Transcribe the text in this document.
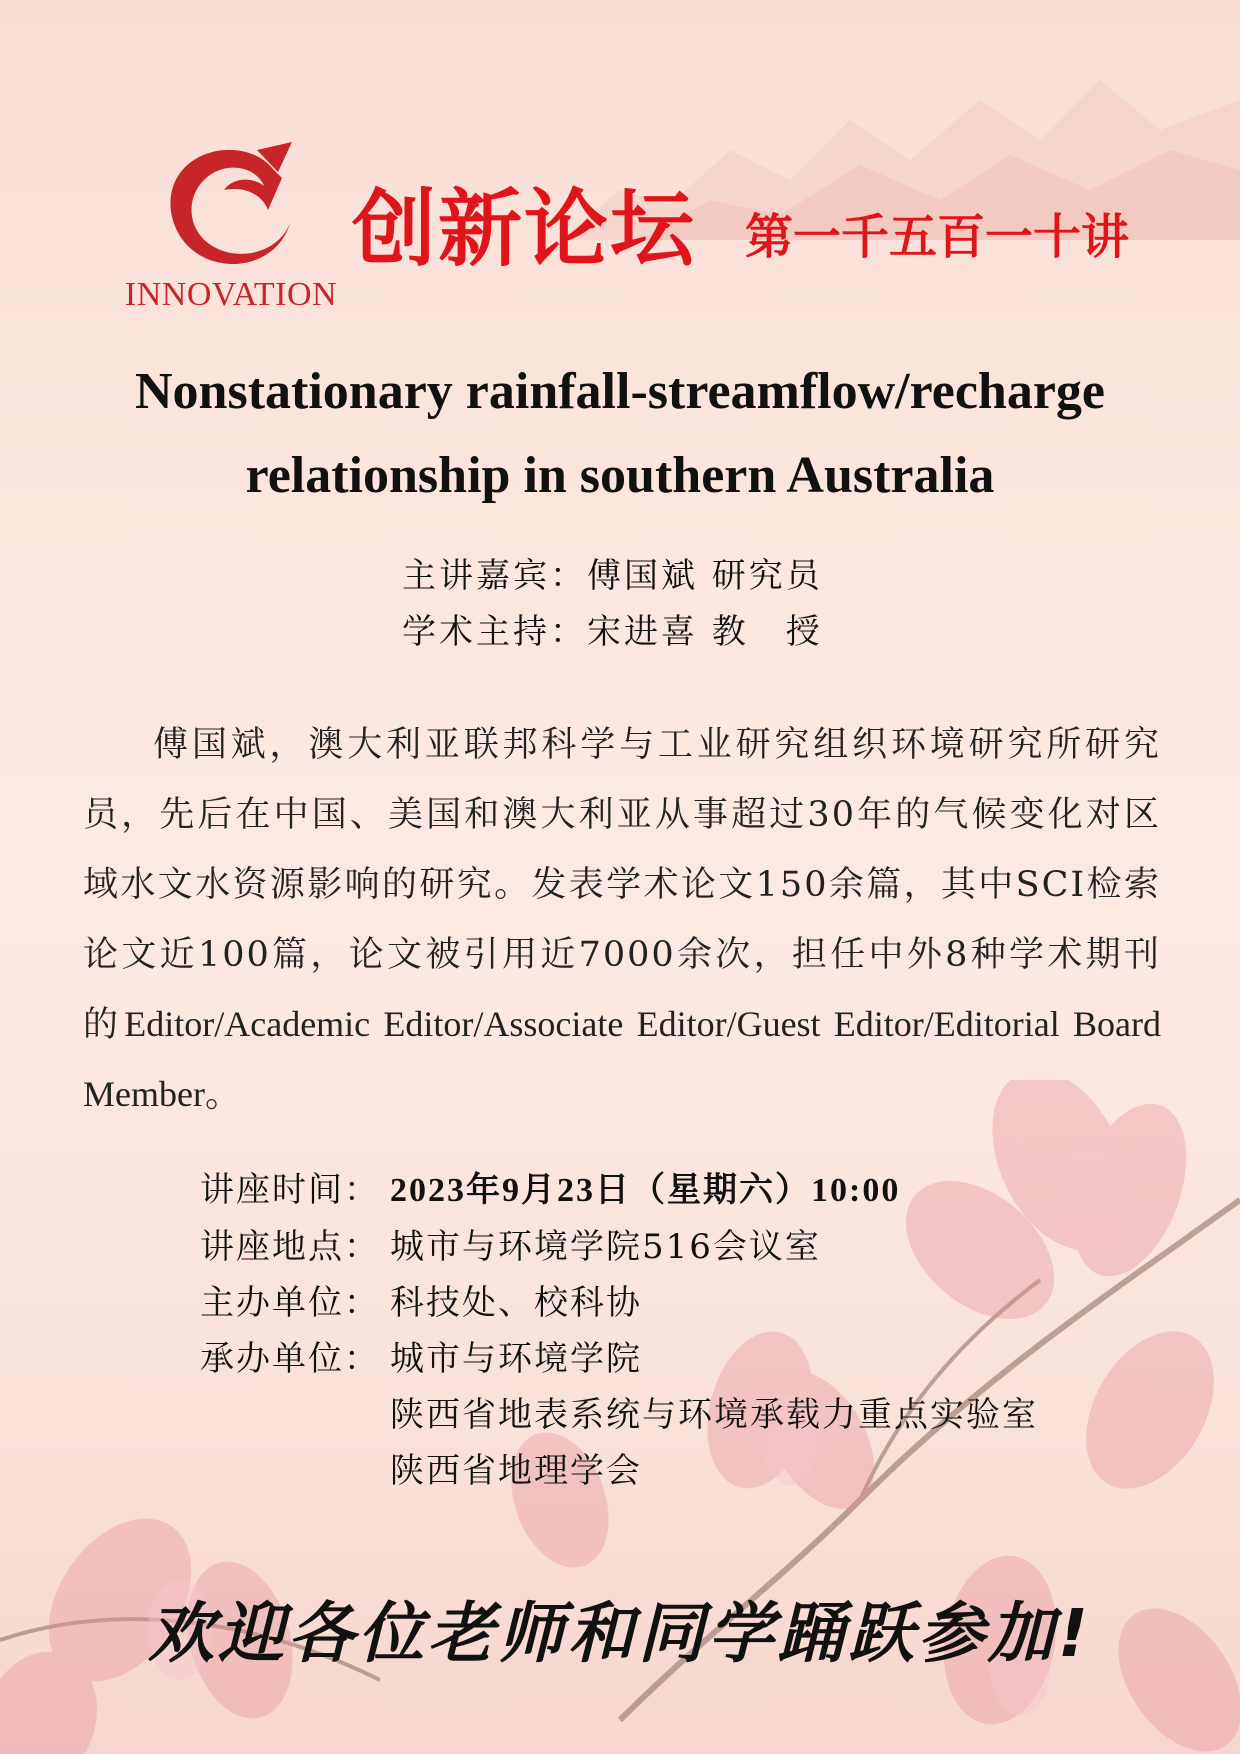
INNOVATION
创新论坛 第一千五百一十讲
Nonstationary rainfall-streamflow/recharge
relationship in southern Australia
主讲嘉宾：傅国斌 研究员
学术主持：宋进喜 教　授

傅国斌，澳大利亚联邦科学与工业研究组织环境研究所研究员，先后在中国、美国和澳大利亚从事超过30年的气候变化对区域水文水资源影响的研究。发表学术论文150余篇，其中SCI检索论文近100篇，论文被引用近7000余次，担任中外8种学术期刊的Editor/Academic Editor/Associate Editor/Guest Editor/Editorial Board Member。

讲座时间： 2023年9月23日（星期六）10:00
讲座地点： 城市与环境学院516会议室
主办单位： 科技处、校科协
承办单位： 城市与环境学院
陕西省地表系统与环境承载力重点实验室
陕西省地理学会
欢迎各位老师和同学踊跃参加!
